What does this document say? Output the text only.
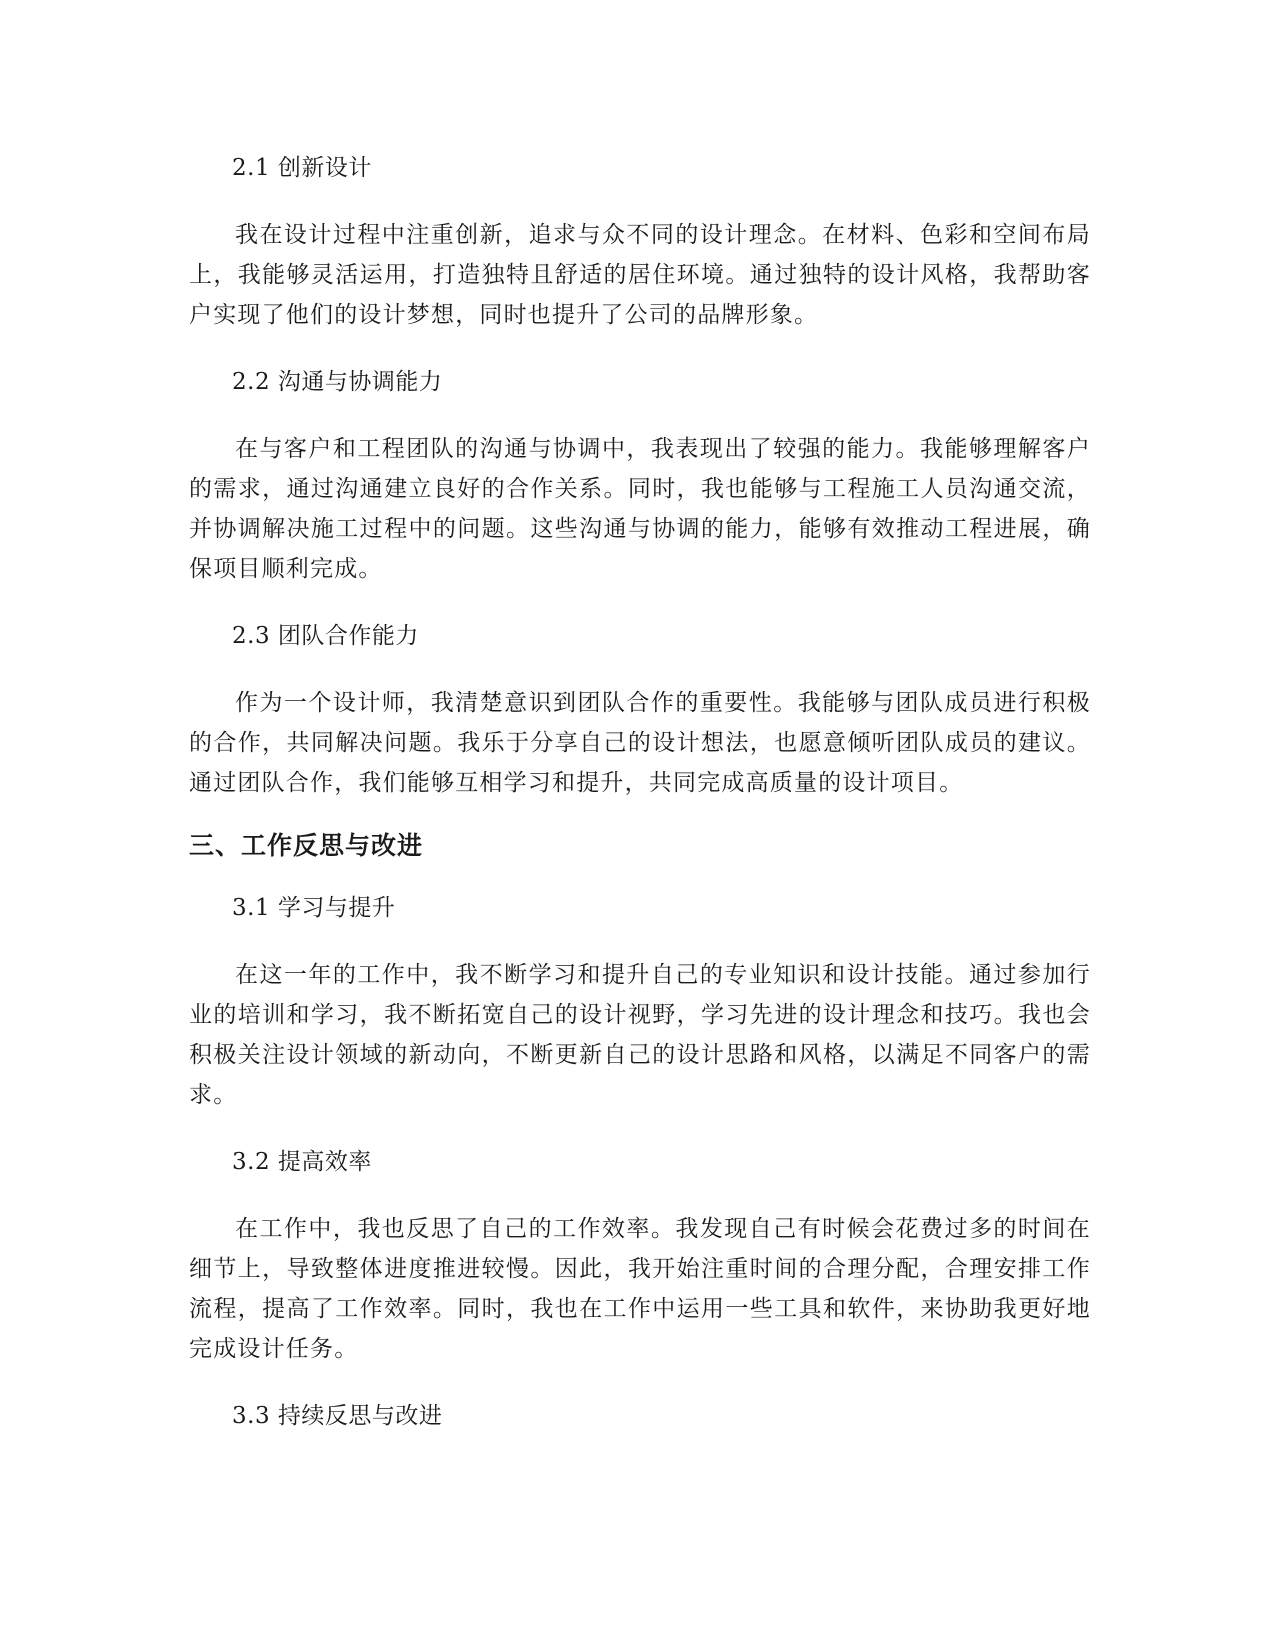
2.1 创新设计

我在设计过程中注重创新，追求与众不同的设计理念。在材料、色彩和空间布局上，我能够灵活运用，打造独特且舒适的居住环境。通过独特的设计风格，我帮助客户实现了他们的设计梦想，同时也提升了公司的品牌形象。

2.2 沟通与协调能力

在与客户和工程团队的沟通与协调中，我表现出了较强的能力。我能够理解客户的需求，通过沟通建立良好的合作关系。同时，我也能够与工程施工人员沟通交流，并协调解决施工过程中的问题。这些沟通与协调的能力，能够有效推动工程进展，确保项目顺利完成。

2.3 团队合作能力

作为一个设计师，我清楚意识到团队合作的重要性。我能够与团队成员进行积极的合作，共同解决问题。我乐于分享自己的设计想法，也愿意倾听团队成员的建议。通过团队合作，我们能够互相学习和提升，共同完成高质量的设计项目。

三、工作反思与改进
3.1 学习与提升

在这一年的工作中，我不断学习和提升自己的专业知识和设计技能。通过参加行业的培训和学习，我不断拓宽自己的设计视野，学习先进的设计理念和技巧。我也会积极关注设计领域的新动向，不断更新自己的设计思路和风格，以满足不同客户的需求。

3.2 提高效率

在工作中，我也反思了自己的工作效率。我发现自己有时候会花费过多的时间在细节上，导致整体进度推进较慢。因此，我开始注重时间的合理分配，合理安排工作流程，提高了工作效率。同时，我也在工作中运用一些工具和软件，来协助我更好地完成设计任务。

3.3 持续反思与改进
